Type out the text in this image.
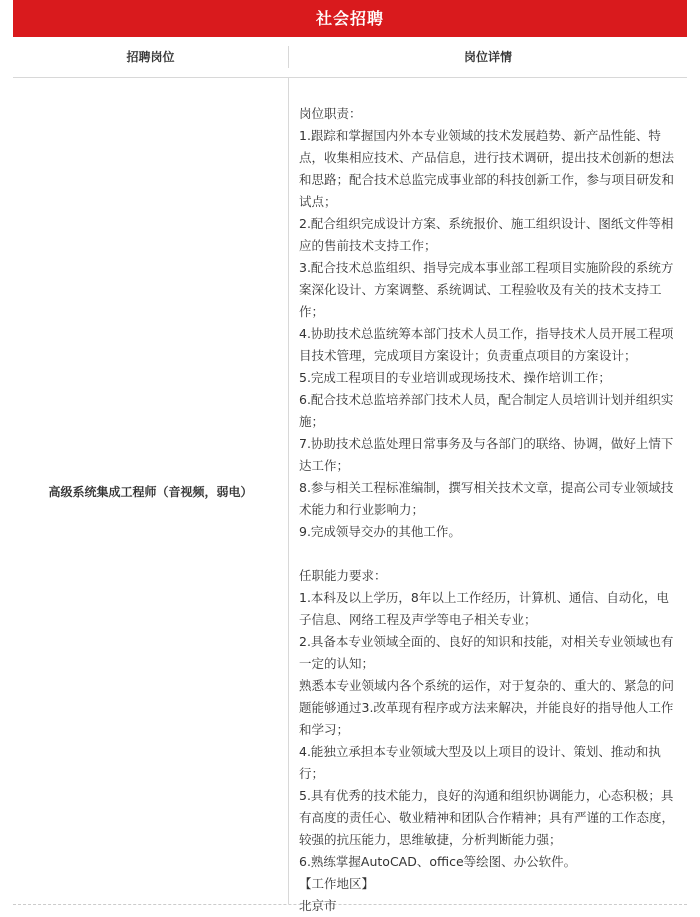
社会招聘
招聘岗位	岗位详情
高级系统集成工程师（音视频，弱电）
岗位职责：
1.跟踪和掌握国内外本专业领域的技术发展趋势、新产品性能、特点，收集相应技术、产品信息，进行技术调研，提出技术创新的想法和思路；配合技术总监完成事业部的科技创新工作，参与项目研发和试点；
2.配合组织完成设计方案、系统报价、施工组织设计、图纸文件等相应的售前技术支持工作；
3.配合技术总监组织、指导完成本事业部工程项目实施阶段的系统方案深化设计、方案调整、系统调试、工程验收及有关的技术支持工作；
4.协助技术总监统筹本部门技术人员工作，指导技术人员开展工程项目技术管理，完成项目方案设计；负责重点项目的方案设计；
5.完成工程项目的专业培训或现场技术、操作培训工作；
6.配合技术总监培养部门技术人员，配合制定人员培训计划并组织实施；
7.协助技术总监处理日常事务及与各部门的联络、协调，做好上情下达工作；
8.参与相关工程标准编制，撰写相关技术文章，提高公司专业领域技术能力和行业影响力；
9.完成领导交办的其他工作。
任职能力要求：
1.本科及以上学历，8年以上工作经历，计算机、通信、自动化，电子信息、网络工程及声学等电子相关专业；
2.具备本专业领域全面的、良好的知识和技能，对相关专业领域也有一定的认知；
熟悉本专业领域内各个系统的运作，对于复杂的、重大的、紧急的问题能够通过3.改革现有程序或方法来解决，并能良好的指导他人工作和学习；
4.能独立承担本专业领域大型及以上项目的设计、策划、推动和执行；
5.具有优秀的技术能力，良好的沟通和组织协调能力，心态积极；具有高度的责任心、敬业精神和团队合作精神；具有严谨的工作态度，较强的抗压能力，思维敏捷，分析判断能力强；
6.熟练掌握AutoCAD、office等绘图、办公软件。
【工作地区】
北京市
